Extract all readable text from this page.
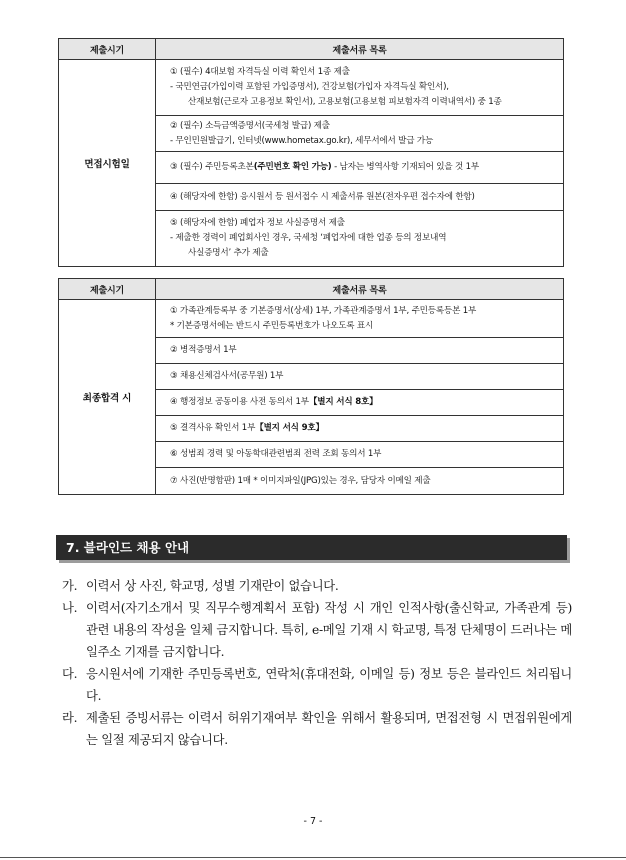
제출시기	제출서류 목록
면접시험일	① (필수) 4대보험 자격득실 이력 확인서 1종 제출
- 국민연금(가입이력 포함된 가입증명서), 건강보험(가입자 자격득실 확인서),
산재보험(근로자 고용정보 확인서), 고용보험(고용보험 피보험자격 이력내역서) 중 1종

	② (필수) 소득금액증명서(국세청 발급) 제출
- 무인민원발급기, 인터넷(www.hometax.go.kr), 세무서에서 발급 가능

	③ (필수) 주민등록초본(주민번호 확인 가능) - 남자는 병역사항 기재되어 있을 것 1부

	④ (해당자에 한함) 응시원서 등 원서접수 시 제출서류 원본(전자우편 접수자에 한함)

	⑤ (해당자에 한함) 폐업자 정보 사실증명서 제출
- 제출한 경력이 폐업회사인 경우, 국세청 ‘폐업자에 대한 업종 등의 정보내역
사실증명서’ 추가 제출
제출시기	제출서류 목록
최종합격 시	① 가족관계등록부 중 기본증명서(상세) 1부, 가족관계증명서 1부, 주민등록등본 1부
* 기본증명서에는 반드시 주민등록번호가 나오도록 표시

	② 병적증명서 1부

	③ 채용신체검사서(공무원) 1부

	④ 행정정보 공동이용 사전 동의서 1부【별지 서식 8호】

	⑤ 결격사유 확인서 1부【별지 서식 9호】

	⑥ 성범죄 경력 및 아동학대관련범죄 전력 조회 동의서 1부

	⑦ 사진(반명함판) 1매 * 이미지파일(JPG)있는 경우, 담당자 이메일 제출
7. 블라인드 채용 안내
가. 이력서 상 사진, 학교명, 성별 기재란이 없습니다.
나. 이력서(자기소개서 및 직무수행계획서 포함) 작성 시 개인 인적사항(출신학교, 가족관계 등) 관련 내용의 작성을 일체 금지합니다. 특히, e-메일 기재 시 학교명, 특정 단체명이 드러나는 메일주소 기재를 금지합니다.
다. 응시원서에 기재한 주민등록번호, 연락처(휴대전화, 이메일 등) 정보 등은 블라인드 처리됩니다.
라. 제출된 증빙서류는 이력서 허위기재여부 확인을 위해서 활용되며, 면접전형 시 면접위원에게는 일절 제공되지 않습니다.
- 7 -
